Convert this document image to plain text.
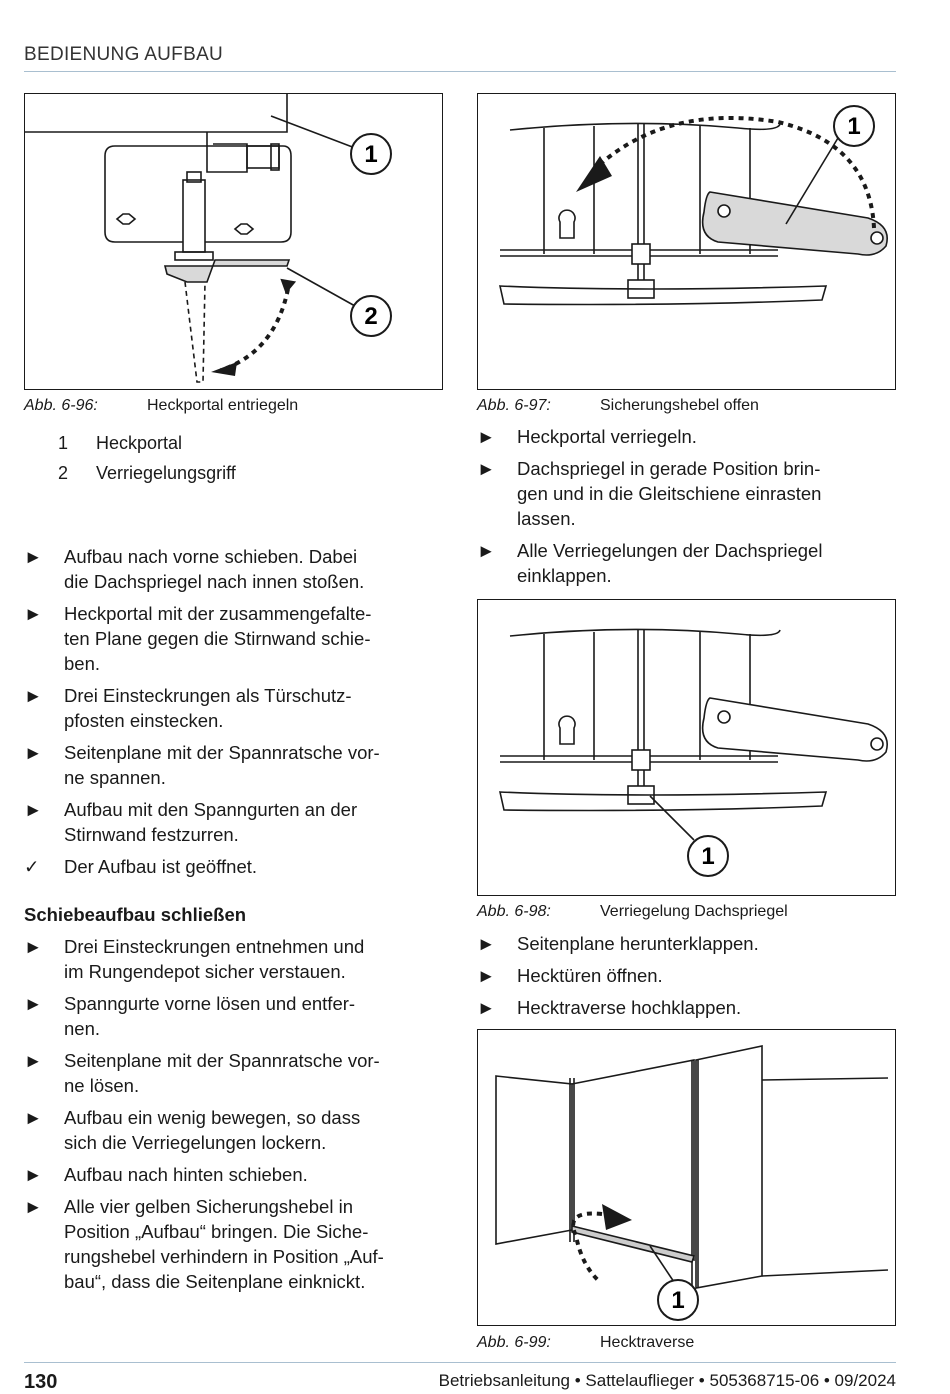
BEDIENUNG AUFBAU
1
2
Abb. 6-96:	Heckportal entriegeln
1 Heckportal
2 Verriegelungsgriff
► Aufbau nach vorne schieben. Dabei
die Dachspriegel nach innen stoßen.
► Heckportal mit der zusammengefalte-
ten Plane gegen die Stirnwand schie-
ben.
► Drei Einsteckrungen als Türschutz-
pfosten einstecken.
► Seitenplane mit der Spannratsche vor-
ne spannen.
► Aufbau mit den Spanngurten an der
Stirnwand festzurren.
✓ Der Aufbau ist geöffnet.
Schiebeaufbau schließen
► Drei Einsteckrungen entnehmen und
im Rungendepot sicher verstauen.
► Spanngurte vorne lösen und entfer-
nen.
► Seitenplane mit der Spannratsche vor-
ne lösen.
► Aufbau ein wenig bewegen, so dass
sich die Verriegelungen lockern.
► Aufbau nach hinten schieben.
► Alle vier gelben Sicherungshebel in
Position „Aufbau“ bringen. Die Siche-
rungshebel verhindern in Position „Auf-
bau“, dass die Seitenplane einknickt.
1
Abb. 6-97:	Sicherungshebel offen
► Heckportal verriegeln.
► Dachspriegel in gerade Position brin-
gen und in die Gleitschiene einrasten
lassen.
► Alle Verriegelungen der Dachspriegel
einklappen.
1
Abb. 6-98:	Verriegelung Dachspriegel
► Seitenplane herunterklappen.
► Hecktüren öffnen.
► Hecktraverse hochklappen.
1
Abb. 6-99:	Hecktraverse
130	Betriebsanleitung • Sattelauflieger • 505368715-06 • 09/2024
